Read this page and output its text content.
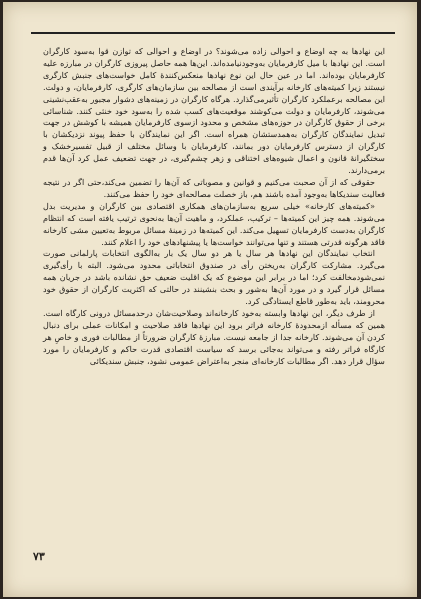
این نهادها به چه اوضاع و احوالی زاده می‌شوند؟ در اوضاع و احوالی که توازن قوا به‌سود کارگران است. این نهادها با میل کارفرمایان به‌وجودنیامده‌اند. این‌ها همه حاصل پیروزی کارگران در مبارزه علیه کارفرمایان بوده‌اند. اما در عین حال این نوع نهادها منعکس‌کنندهٔ کامل خواست‌های جنبش کارگری نیستند زیرا کمیته‌های کارخانه برآیندی است از مصالحه بین سازمان‌های کارگری، کارفرمایان، و دولت. این مصالحه برعملکرد کارگران تأثیرمی‌گذارد. هرگاه کارگران در زمینه‌های دشوار مجبور به‌عقب‌نشینی می‌شوند، کارفرمایان و دولت می‌کوشند موقعیت‌های کسب شده را به‌سود خود خنثی کنند. شناسائی برخی از حقوق کارگران در حوزه‌های مشخص و محدود ازسوی کارفرمایان همیشه با کوشش در جهت تبدیل نمایندگان کارگران به‌همدستشان همراه است. اگر این نمایندگان با حفظ پیوند نزدیکشان با کارگران از دسترس کارفرمایان دور بمانند، کارفرمایان با وسائل مختلف از قبیل تفسیرخشک و سختگیرانهٔ قانون و اعمال شیوه‌های اختناقی و زهر چشم‌گیری، در جهت تضعیف عمل کرد آن‌ها قدم برمی‌دارند.

حقوقی که از آن صحبت می‌کنیم و قوانین و مصوباتی که آن‌ها را تضمین می‌کند،حتی اگر در نتیجه فعالیت سندیکاها به‌وجود آمده باشند هم، باز خصلت مصالحه‌ای خود را حفظ می‌کنند.

«کمیته‌های کارخانه» خیلی سریع به‌سازمان‌های همکاری اقتصادی بین کارگران و مدیریت بدل می‌شوند. همه چیز این کمیته‌ها – ترکیب، عملکرد، و ماهیت آن‌ها به‌نحوی ترتیب یافته است که انتظام کارگران به‌دست کارفرمایان تسهیل می‌کند. این کمیته‌ها در زمینهٔ مسائل مربوط به‌تعیین مشی کارخانه فاقد هرگونه قدرتی هستند و تنها می‌توانند خواست‌ها یا پیشنهادهای خود را اعلام کنند.

انتخاب نمایندگان این نهادها هر سال یا هر دو سال یک بار به‌الگوی انتخابات پارلمانی صورت می‌گیرد. مشارکت کارگران به‌ریختن رأی در صندوق انتخاباتی محدود می‌شود. البته با رأی‌گیری نمی‌شودمخالفت کرد؛ اما در برابر این موضوع که یک اقلیت ضعیف حق نشانده باشد در جریان همه مسائل قرار گیرد و در مورد آن‌ها به‌شور و بحث بنشینند در حالتی که اکثریت کارگران از حقوق خود محرومند، باید به‌طور قاطع ایستادگی کرد.

از طرف دیگر، این نهادها وابسته به‌خود کارخانه‌اند وصلاحیت‌شان درحدمسائل درونی کارگاه است. همین که مسأله ازمحدودهٔ کارخانه فراتر برود این نهادها فاقد صلاحیت و امکانات عملی برای دنبال کردن آن می‌شوند. کارخانه جدا از جامعه نیست. مبارزهٔ کارگران ضرورتاً از مطالبات فوری و خاصِ هر کارگاه فراتر رفته و می‌تواند به‌جائی برسد که سیاست اقتصادی قدرت حاکم و کارفرمایان را مورد سؤال قرار دهد. اگر مطالبات کارخانه‌ای منجر به‌اعتراض عمومی نشود، جنبش سندیکائی

۷۳
